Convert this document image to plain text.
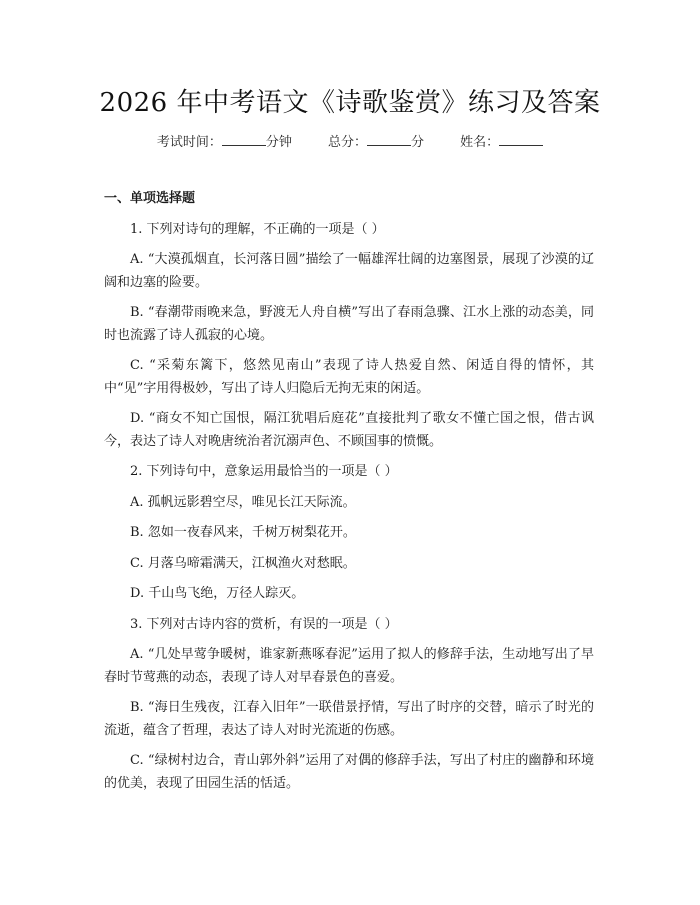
2026 年中考语文《诗歌鉴赏》练习及答案
考试时间：	分钟	总分：	分	姓名：
一、单项选择题
1. 下列对诗句的理解，不正确的一项是（ ）
A. “大漠孤烟直，长河落日圆”描绘了一幅雄浑壮阔的边塞图景，展现了沙漠的辽阔和边塞的险要。
B. “春潮带雨晚来急，野渡无人舟自横”写出了春雨急骤、江水上涨的动态美，同时也流露了诗人孤寂的心境。
C. “采菊东篱下，悠然见南山”表现了诗人热爱自然、闲适自得的情怀，其中“见”字用得极妙，写出了诗人归隐后无拘无束的闲适。
D. “商女不知亡国恨，隔江犹唱后庭花”直接批判了歌女不懂亡国之恨，借古讽今，表达了诗人对晚唐统治者沉溺声色、不顾国事的愤慨。
2. 下列诗句中，意象运用最恰当的一项是（ ）
A. 孤帆远影碧空尽，唯见长江天际流。
B. 忽如一夜春风来，千树万树梨花开。
C. 月落乌啼霜满天，江枫渔火对愁眠。
D. 千山鸟飞绝，万径人踪灭。
3. 下列对古诗内容的赏析，有误的一项是（ ）
A. “几处早莺争暖树，谁家新燕啄春泥”运用了拟人的修辞手法，生动地写出了早春时节莺燕的动态，表现了诗人对早春景色的喜爱。
B. “海日生残夜，江春入旧年”一联借景抒情，写出了时序的交替，暗示了时光的流逝，蕴含了哲理，表达了诗人对时光流逝的伤感。
C. “绿树村边合，青山郭外斜”运用了对偶的修辞手法，写出了村庄的幽静和环境的优美，表现了田园生活的恬适。
